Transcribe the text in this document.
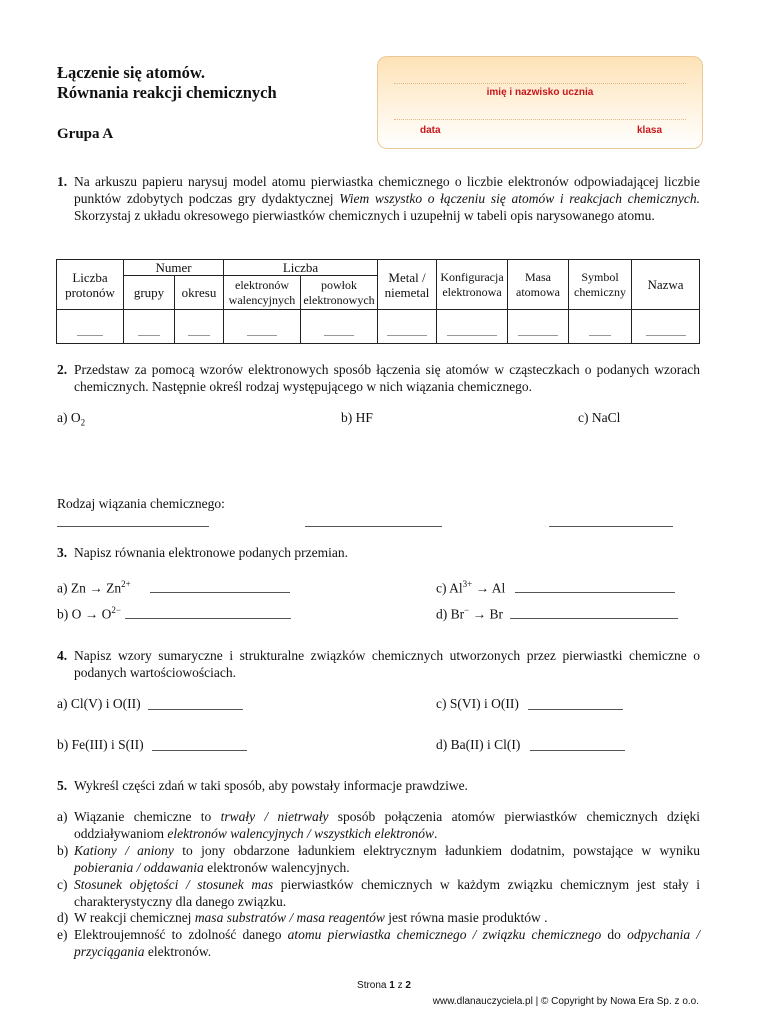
Łączenie się atomów.
Równania reakcji chemicznych
Grupa A
imię i nazwisko ucznia
data	klasa
1. Na arkuszu papieru narysuj model atomu pierwiastka chemicznego o liczbie elektronów odpowiadającej liczbie punktów zdobytych podczas gry dydaktycznej Wiem wszystko o łączeniu się atomów i reakcjach chemicznych. Skorzystaj z układu okresowego pierwiastków chemicznych i uzupełnij w tabeli opis narysowanego atomu.
Liczba protonów	Numer		Liczba		Metal / niemetal	Konfiguracja elektronowa	Masa atomowa	Symbol chemiczny	Nazwa
	grupy	okresu	elektronów walencyjnych	powłok elektronowych					

2. Przedstaw za pomocą wzorów elektronowych sposób łączenia się atomów w cząsteczkach o podanych wzorach chemicznych. Następnie określ rodzaj występującego w nich wiązania chemicznego.
a) $O_2$	b) HF	c) NaCl
Rodzaj wiązania chemicznego:
3. Napisz równania elektronowe podanych przemian.
a) $Zn \to Zn^{2+}$	c) $Al^{3+} \to Al$
b) $O \to O^{2-}$	d) Br− → Br
4. Napisz wzory sumaryczne i strukturalne związków chemicznych utworzonych przez pierwiastki chemiczne o podanych wartościowościach.
a) Cl(V) i O(II)	c) S(VI) i O(II)
b) Fe(III) i S(II)	d) Ba(II) i Cl(I)
5. Wykreśl części zdań w taki sposób, aby powstały informacje prawdziwe.
a) Wiązanie chemiczne to trwały / nietrwały sposób połączenia atomów pierwiastków chemicznych dzięki oddziaływaniom elektronów walencyjnych / wszystkich elektronów.
b) Kationy / aniony to jony obdarzone ładunkiem elektrycznym ładunkiem dodatnim, powstające w wyniku pobierania / oddawania elektronów walencyjnych.
c) Stosunek objętości / stosunek mas pierwiastków chemicznych w każdym związku chemicznym jest stały i charakterystyczny dla danego związku.
d) W reakcji chemicznej masa substratów / masa reagentów jest równa masie produktów .
e) Elektroujemność to zdolność danego atomu pierwiastka chemicznego / związku chemicznego do odpychania / przyciągania elektronów.
Strona 1 z 2
www.dlanauczyciela.pl | © Copyright by Nowa Era Sp. z o.o.
